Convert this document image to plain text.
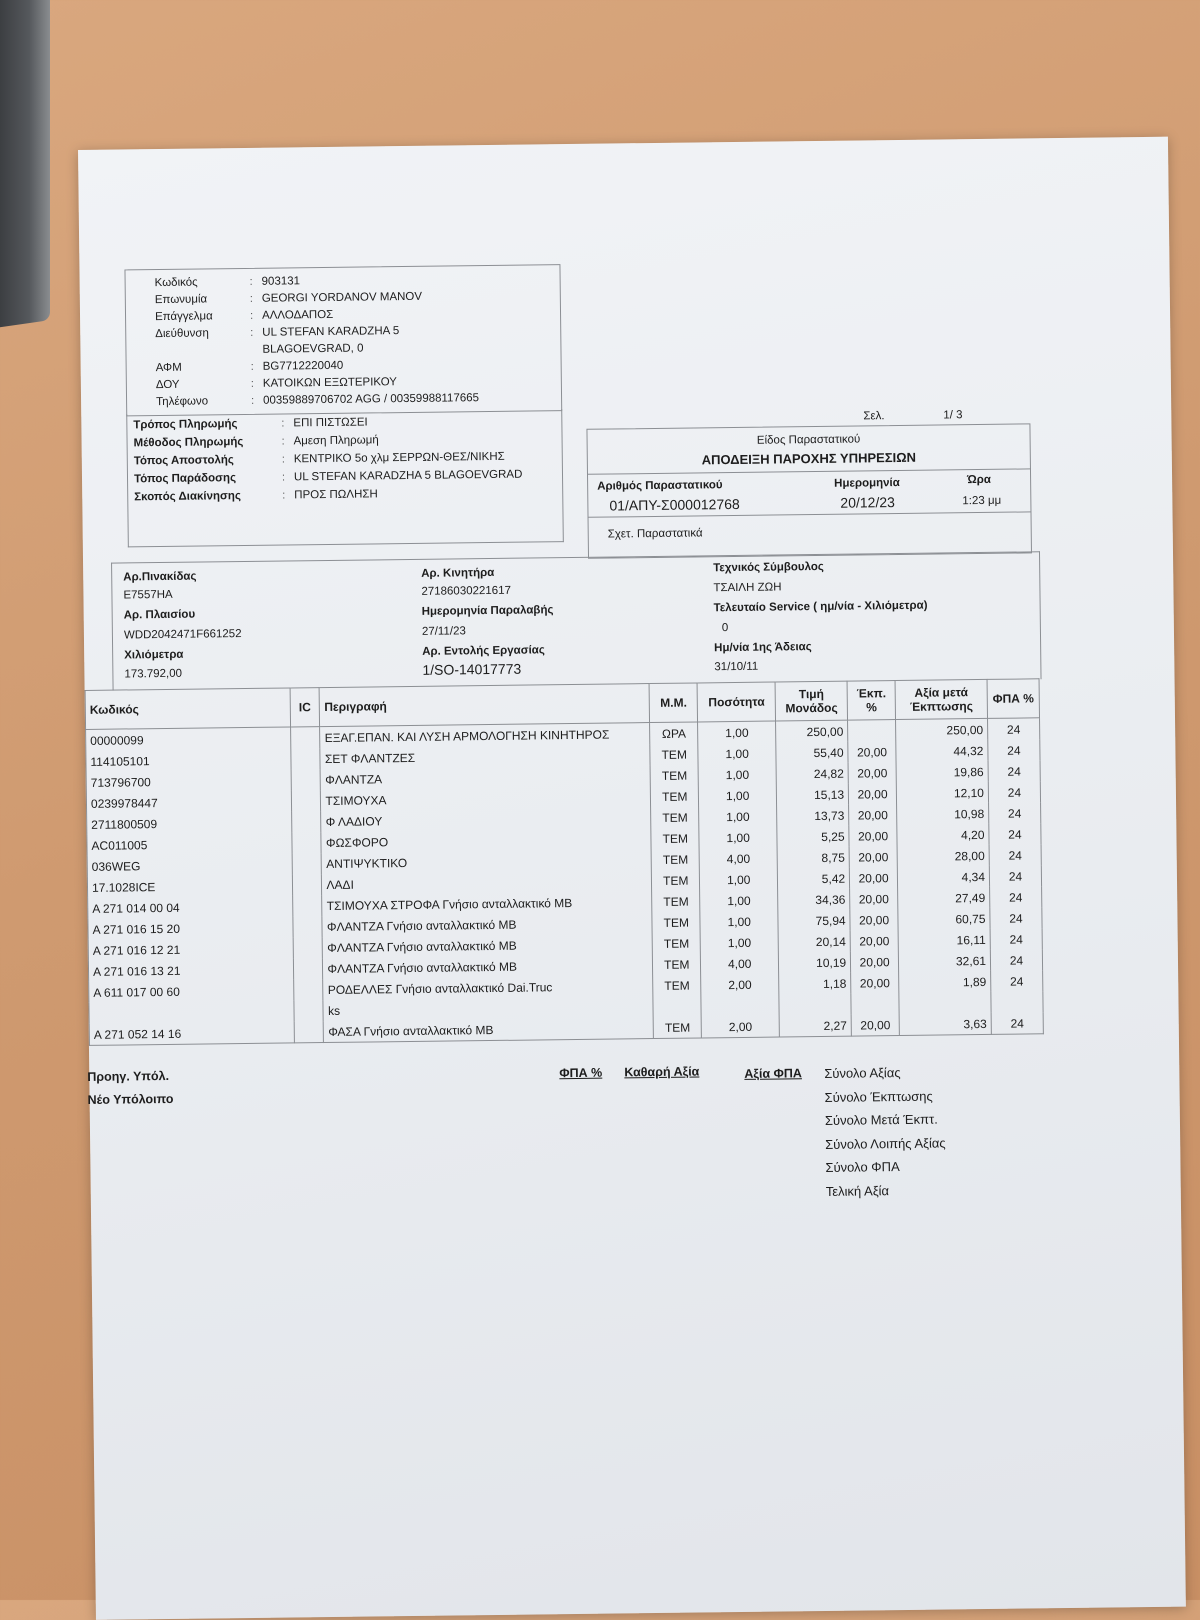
Κωδικός	: 903131
Επωνυμία	: GEORGI YORDANOV MANOV
Επάγγελμα	: ΑΛΛΟΔΑΠΟΣ
Διεύθυνση	: UL STEFAN KARADZHA 5
BLAGOEVGRAD, 0
ΑΦΜ	: BG7712220040
ΔΟΥ	: ΚΑΤΟΙΚΩΝ ΕΞΩΤΕΡΙΚΟΥ
Τηλέφωνο	: 00359889706702 AGG / 00359988117665
Τρόπος Πληρωμής	: ΕΠΙ ΠΙΣΤΩΣΕΙ
Μέθοδος Πληρωμής	: Αμεση Πληρωμή
Τόπος Αποστολής	: ΚΕΝΤΡΙΚΟ 5ο χλμ ΣΕΡΡΩΝ-ΘΕΣ/ΝΙΚΗΣ
Τόπος Παράδοσης	: UL STEFAN KARADZHA 5 BLAGOEVGRAD
Σκοπός Διακίνησης	: ΠΡΟΣ ΠΩΛΗΣΗ
Σελ.	1/ 3
Είδος Παραστατικού
ΑΠΟΔΕΙΞΗ ΠΑΡΟΧΗΣ ΥΠΗΡΕΣΙΩΝ
Αριθμός Παραστατικού
01/ΑΠΥ-Σ000012768
Ημερομηνία
20/12/23
Ώρα
1:23 μμ
Σχετ. Παραστατικά
Αρ.Πινακίδας
E7557HA
Αρ. Πλαισίου
WDD2042471F661252
Χιλιόμετρα
173.792,00
Αρ. Κινητήρα
27186030221617
Ημερομηνία Παραλαβής
27/11/23
Αρ. Εντολής Εργασίας
1/SO-14017773
Τεχνικός Σύμβουλος
ΤΣΑΙΛΗ ΖΩΗ
Τελευταίο Service ( ημ/νία - Χιλιόμετρα)
0
Ημ/νία 1ης Άδειας
31/10/11
Κωδικός	IC	Περιγραφή	Μ.Μ.	Ποσότητα	Τιμή Μονάδος	Έκπ. %	Αξία μετά Έκπτωσης	ΦΠΑ %
00000099		ΕΞΑΓ.ΕΠΑΝ. ΚΑΙ ΛΥΣΗ ΑΡΜΟΛΟΓΗΣΗ ΚΙΝΗΤΗΡΟΣ	ΩΡΑ	1,00	250,00		250,00	24
114105101		ΣΕΤ ΦΛΑΝΤΖΕΣ	ΤΕΜ	1,00	55,40	20,00	44,32	24
713796700		ΦΛΑΝΤΖΑ	ΤΕΜ	1,00	24,82	20,00	19,86	24
0239978447		ΤΣΙΜΟΥΧΑ	ΤΕΜ	1,00	15,13	20,00	12,10	24
2711800509		Φ ΛΑΔΙΟΥ	ΤΕΜ	1,00	13,73	20,00	10,98	24
AC011005		ΦΩΣΦΟΡΟ	ΤΕΜ	1,00	5,25	20,00	4,20	24
036WEG		ΑΝΤΙΨΥΚΤΙΚΟ	ΤΕΜ	4,00	8,75	20,00	28,00	24
17.1028ICE		ΛΑΔΙ	ΤΕΜ	1,00	5,42	20,00	4,34	24
A 271 014 00 04		ΤΣΙΜΟΥΧΑ ΣΤΡΟΦΑ Γνήσιο ανταλλακτικό MB	ΤΕΜ	1,00	34,36	20,00	27,49	24
A 271 016 15 20		ΦΛΑΝΤΖΑ Γνήσιο ανταλλακτικό MB	ΤΕΜ	1,00	75,94	20,00	60,75	24
A 271 016 12 21		ΦΛΑΝΤΖΑ Γνήσιο ανταλλακτικό MB	ΤΕΜ	1,00	20,14	20,00	16,11	24
A 271 016 13 21		ΦΛΑΝΤΖΑ Γνήσιο ανταλλακτικό MB	ΤΕΜ	4,00	10,19	20,00	32,61	24
A 611 017 00 60		ΡΟΔΕΛΛΕΣ Γνήσιο ανταλλακτικό Dai.Truc	ΤΕΜ	2,00	1,18	20,00	1,89	24
		ks						
A 271 052 14 16		ΦΑΣΑ Γνήσιο ανταλλακτικό MB	ΤΕΜ	2,00	2,27	20,00	3,63	24
Προηγ. Υπόλ.
Νέο Υπόλοιπο
ΦΠΑ % Καθαρή Αξία	Αξία ΦΠΑ Σύνολο Αξίας
Σύνολο Έκπτωσης
Σύνολο Μετά Έκπτ.
Σύνολο Λοιπής Αξίας
Σύνολο ΦΠΑ
Τελική Αξία
